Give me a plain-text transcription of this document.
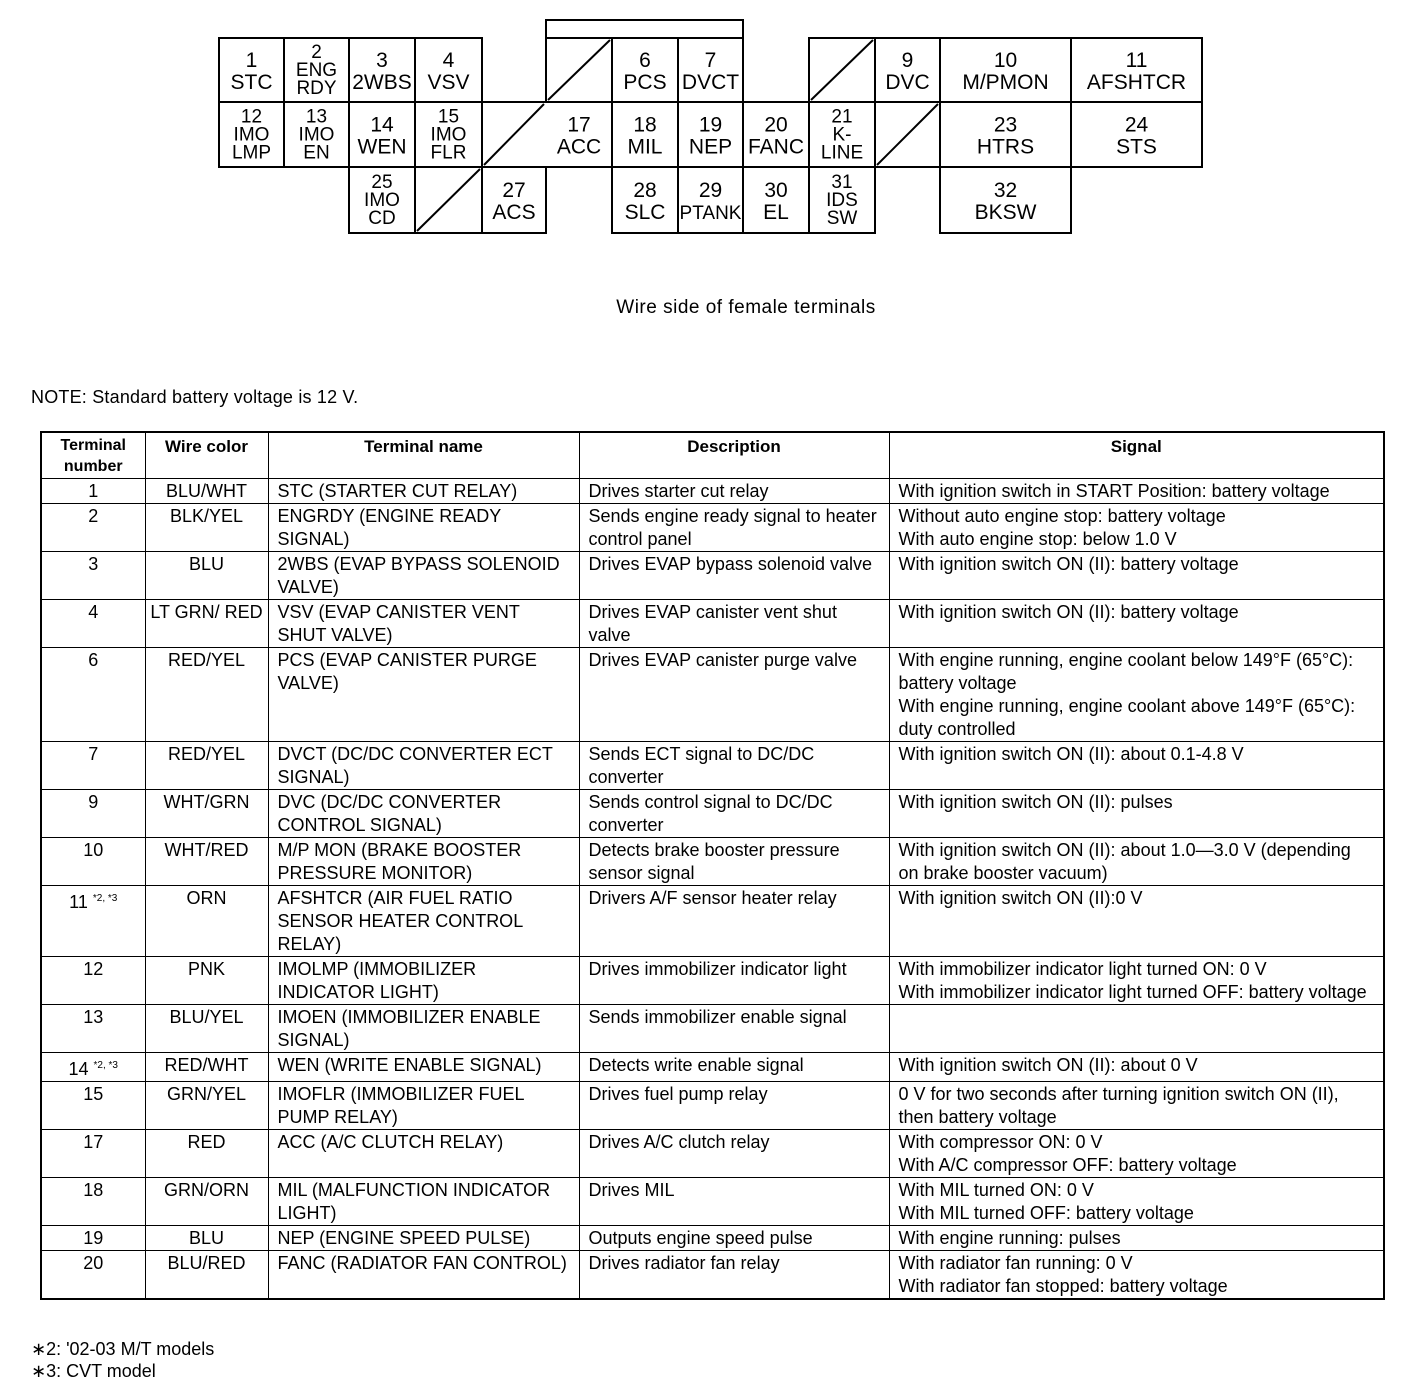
1
STC
2
ENG
RDY
3
2WBS
4
VSV
6
PCS
7
DVCT
9
DVC
10
M/PMON
11
AFSHTCR
12
IMO
LMP
13
IMO
EN
14
WEN
15
IMO
FLR
17
ACC
18
MIL
19
NEP
20
FANC
21
K-
LINE
23
HTRS
24
STS
25
IMO
CD
27
ACS
28
SLC
29
PTANK
30
EL
31
IDS
SW
32
BKSW
Wire side of female terminals
NOTE: Standard battery voltage is 12 V.
Terminal number	Wire color	Terminal name	Description	Signal
1	BLU/WHT	STC (STARTER CUT RELAY)	Drives starter cut relay	With ignition switch in START Position: battery voltage

2	BLK/YEL	ENGRDY (ENGINE READY SIGNAL)	Sends engine ready signal to heater control panel	Without auto engine stop: battery voltage
With auto engine stop: below 1.0 V

3	BLU	2WBS (EVAP BYPASS SOLENOID VALVE)	Drives EVAP bypass solenoid valve	With ignition switch ON (II): battery voltage

4	LT GRN/ RED	VSV (EVAP CANISTER VENT SHUT VALVE)	Drives EVAP canister vent shut valve	With ignition switch ON (II): battery voltage

6	RED/YEL	PCS (EVAP CANISTER PURGE VALVE)	Drives EVAP canister purge valve	With engine running, engine coolant below 149°F (65°C): battery voltage
With engine running, engine coolant above 149°F (65°C): duty controlled

7	RED/YEL	DVCT (DC/DC CONVERTER ECT SIGNAL)	Sends ECT signal to DC/DC converter	With ignition switch ON (II): about 0.1-4.8 V

9	WHT/GRN	DVC (DC/DC CONVERTER CONTROL SIGNAL)	Sends control signal to DC/DC converter	With ignition switch ON (II): pulses

10	WHT/RED	M/P MON (BRAKE BOOSTER PRESSURE MONITOR)	Detects brake booster pressure sensor signal	With ignition switch ON (II): about 1.0—3.0 V (depending on brake booster vacuum)

11 $^{*2, *3}$	ORN	AFSHTCR (AIR FUEL RATIO SENSOR HEATER CONTROL RELAY)	Drivers A/F sensor heater relay	With ignition switch ON (II):0 V

12	PNK	IMOLMP (IMMOBILIZER INDICATOR LIGHT)	Drives immobilizer indicator light	With immobilizer indicator light turned ON: 0 V
With immobilizer indicator light turned OFF: battery voltage

13	BLU/YEL	IMOEN (IMMOBILIZER ENABLE SIGNAL)	Sends immobilizer enable signal	
14 $^{*2, *3}$	RED/WHT	WEN (WRITE ENABLE SIGNAL)	Detects write enable signal	With ignition switch ON (II): about 0 V

15	GRN/YEL	IMOFLR (IMMOBILIZER FUEL PUMP RELAY)	Drives fuel pump relay	0 V for two seconds after turning ignition switch ON (II), then battery voltage

17	RED	ACC (A/C CLUTCH RELAY)	Drives A/C clutch relay	With compressor ON: 0 V
With A/C compressor OFF: battery voltage

18	GRN/ORN	MIL (MALFUNCTION INDICATOR LIGHT)	Drives MIL	With MIL turned ON: 0 V
With MIL turned OFF: battery voltage

19	BLU	NEP (ENGINE SPEED PULSE)	Outputs engine speed pulse	With engine running: pulses

20	BLU/RED	FANC (RADIATOR FAN CONTROL)	Drives radiator fan relay	With radiator fan running: 0 V
With radiator fan stopped: battery voltage
∗2: '02-03 M/T models
∗3: CVT model
